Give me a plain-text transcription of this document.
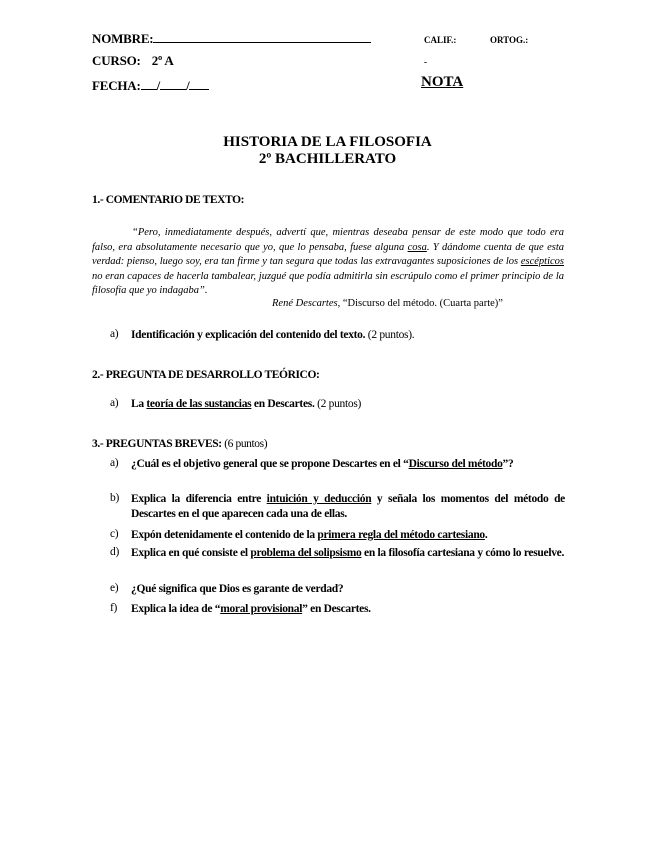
NOMBRE:
CURSO: 2º A
FECHA: / /
CALIF.:	ORTOG.:
-
NOTA
HISTORIA DE LA FILOSOFIA
2º BACHILLERATO
1.- COMENTARIO DE TEXTO:
“Pero, inmediatamente después, advertí que, mientras deseaba pensar de este modo que todo era falso, era absolutamente necesario que yo, que lo pensaba, fuese alguna cosa. Y dándome cuenta de que esta verdad: pienso, luego soy, era tan firme y tan segura que todas las extravagantes suposiciones de los escépticos no eran capaces de hacerla tambalear, juzgué que podía admitirla sin escrúpulo como el primer principio de la filosofía que yo indagaba”.
René Descartes, “Discurso del método. (Cuarta parte)”
a) Identificación y explicación del contenido del texto. (2 puntos).
2.- PREGUNTA DE DESARROLLO TEÓRICO:
a) La teoría de las sustancias en Descartes. (2 puntos)
3.- PREGUNTAS BREVES: (6 puntos)
a) ¿Cuál es el objetivo general que se propone Descartes en el “Discurso del método”?
b) Explica la diferencia entre intuición y deducción y señala los momentos del método de Descartes en el que aparecen cada una de ellas.
c) Expón detenidamente el contenido de la primera regla del método cartesiano.
d) Explica en qué consiste el problema del solipsismo en la filosofía cartesiana y cómo lo resuelve.
e) ¿Qué significa que Dios es garante de verdad?
f) Explica la idea de “moral provisional” en Descartes.
